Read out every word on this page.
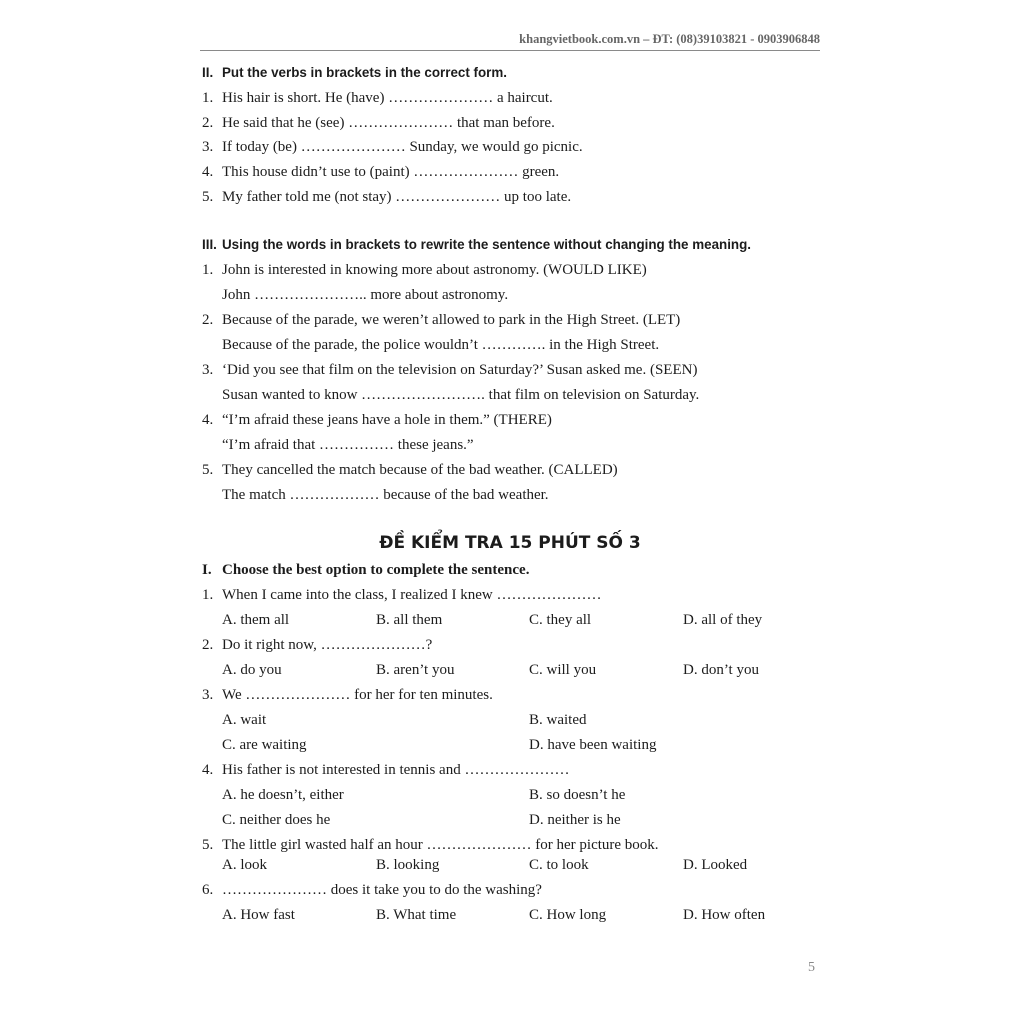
khangvietbook.com.vn – ĐT: (08)39103821 - 0903906848
II. Put the verbs in brackets in the correct form.
1. His hair is short. He (have) ………………… a haircut.
2. He said that he (see) ………………… that man before.
3. If today (be) ………………… Sunday, we would go picnic.
4. This house didn’t use to (paint) ………………… green.
5. My father told me (not stay) ………………… up too late.
III. Using the words in brackets to rewrite the sentence without changing the meaning.
1. John is interested in knowing more about astronomy. (WOULD LIKE)
John ………………….. more about astronomy.
2. Because of the parade, we weren’t allowed to park in the High Street. (LET)
Because of the parade, the police wouldn’t …………. in the High Street.
3. ‘Did you see that film on the television on Saturday?’ Susan asked me. (SEEN)
Susan wanted to know ……………………. that film on television on Saturday.
4. “I’m afraid these jeans have a hole in them.” (THERE)
“I’m afraid that …………… these jeans.”
5. They cancelled the match because of the bad weather. (CALLED)
The match ……………… because of the bad weather.
ĐỀ KIỂM TRA 15 PHÚT SỐ 3
I. Choose the best option to complete the sentence.
1. When I came into the class, I realized I knew …………………
A. them all	B. all them	C. they all	D. all of they
2. Do it right now, …………………?
A. do you	B. aren’t you	C. will you	D. don’t you
3. We ………………… for her for ten minutes.
A. wait	B. waited
C. are waiting	D. have been waiting
4. His father is not interested in tennis and …………………
A. he doesn’t, either	B. so doesn’t he
C. neither does he	D. neither is he
5. The little girl wasted half an hour ………………… for her picture book.
A. look	B. looking	C. to look	D. Looked
6. ………………… does it take you to do the washing?
A. How fast	B. What time	C. How long	D. How often
5
